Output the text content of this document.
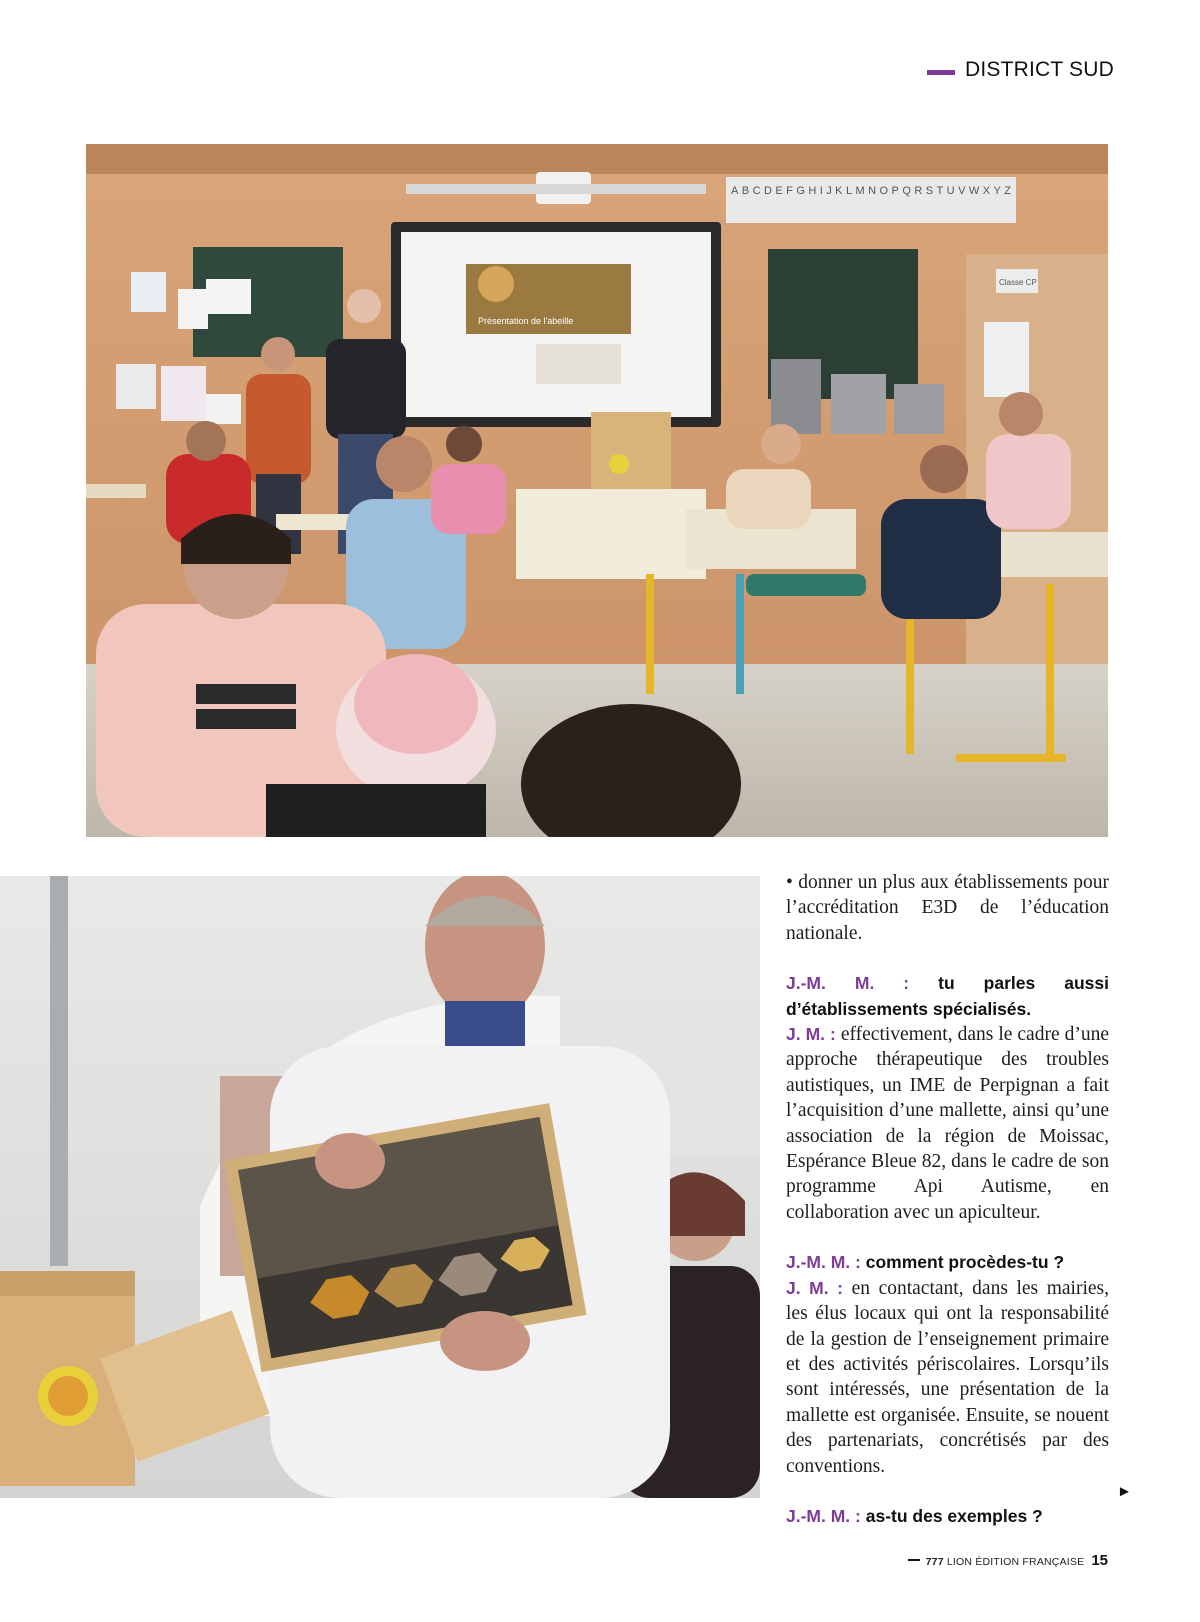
DISTRICT SUD
ABCDEFGHIJKLMNOPQRSTUVWXYZ
Présentation de l'abeille
Classe CP

• donner un plus aux établissements pour l’accréditation E3D de l’éducation nationale.

J.-M. M. : tu parles aussi d’établissements spécialisés.
J. M. : effectivement, dans le cadre d’une approche thérapeutique des troubles autistiques, un IME de Perpignan a fait l’acquisition d’une mallette, ainsi qu’une association de la région de Moissac, Espérance Bleue 82, dans le cadre de son programme Api Autisme, en collaboration avec un apiculteur.

J.-M. M. : comment procèdes-tu ?
J. M. : en contactant, dans les mairies, les élus locaux qui ont la responsabilité de la gestion de l’enseignement primaire et des activités périscolaires. Lorsqu’ils sont intéressés, une présentation de la mallette est organisée. Ensuite, se nouent des partenariats, concrétisés par des conventions.

J.-M. M. : as-tu des exemples ?

►
777 LION ÉDITION FRANÇAISE 15
